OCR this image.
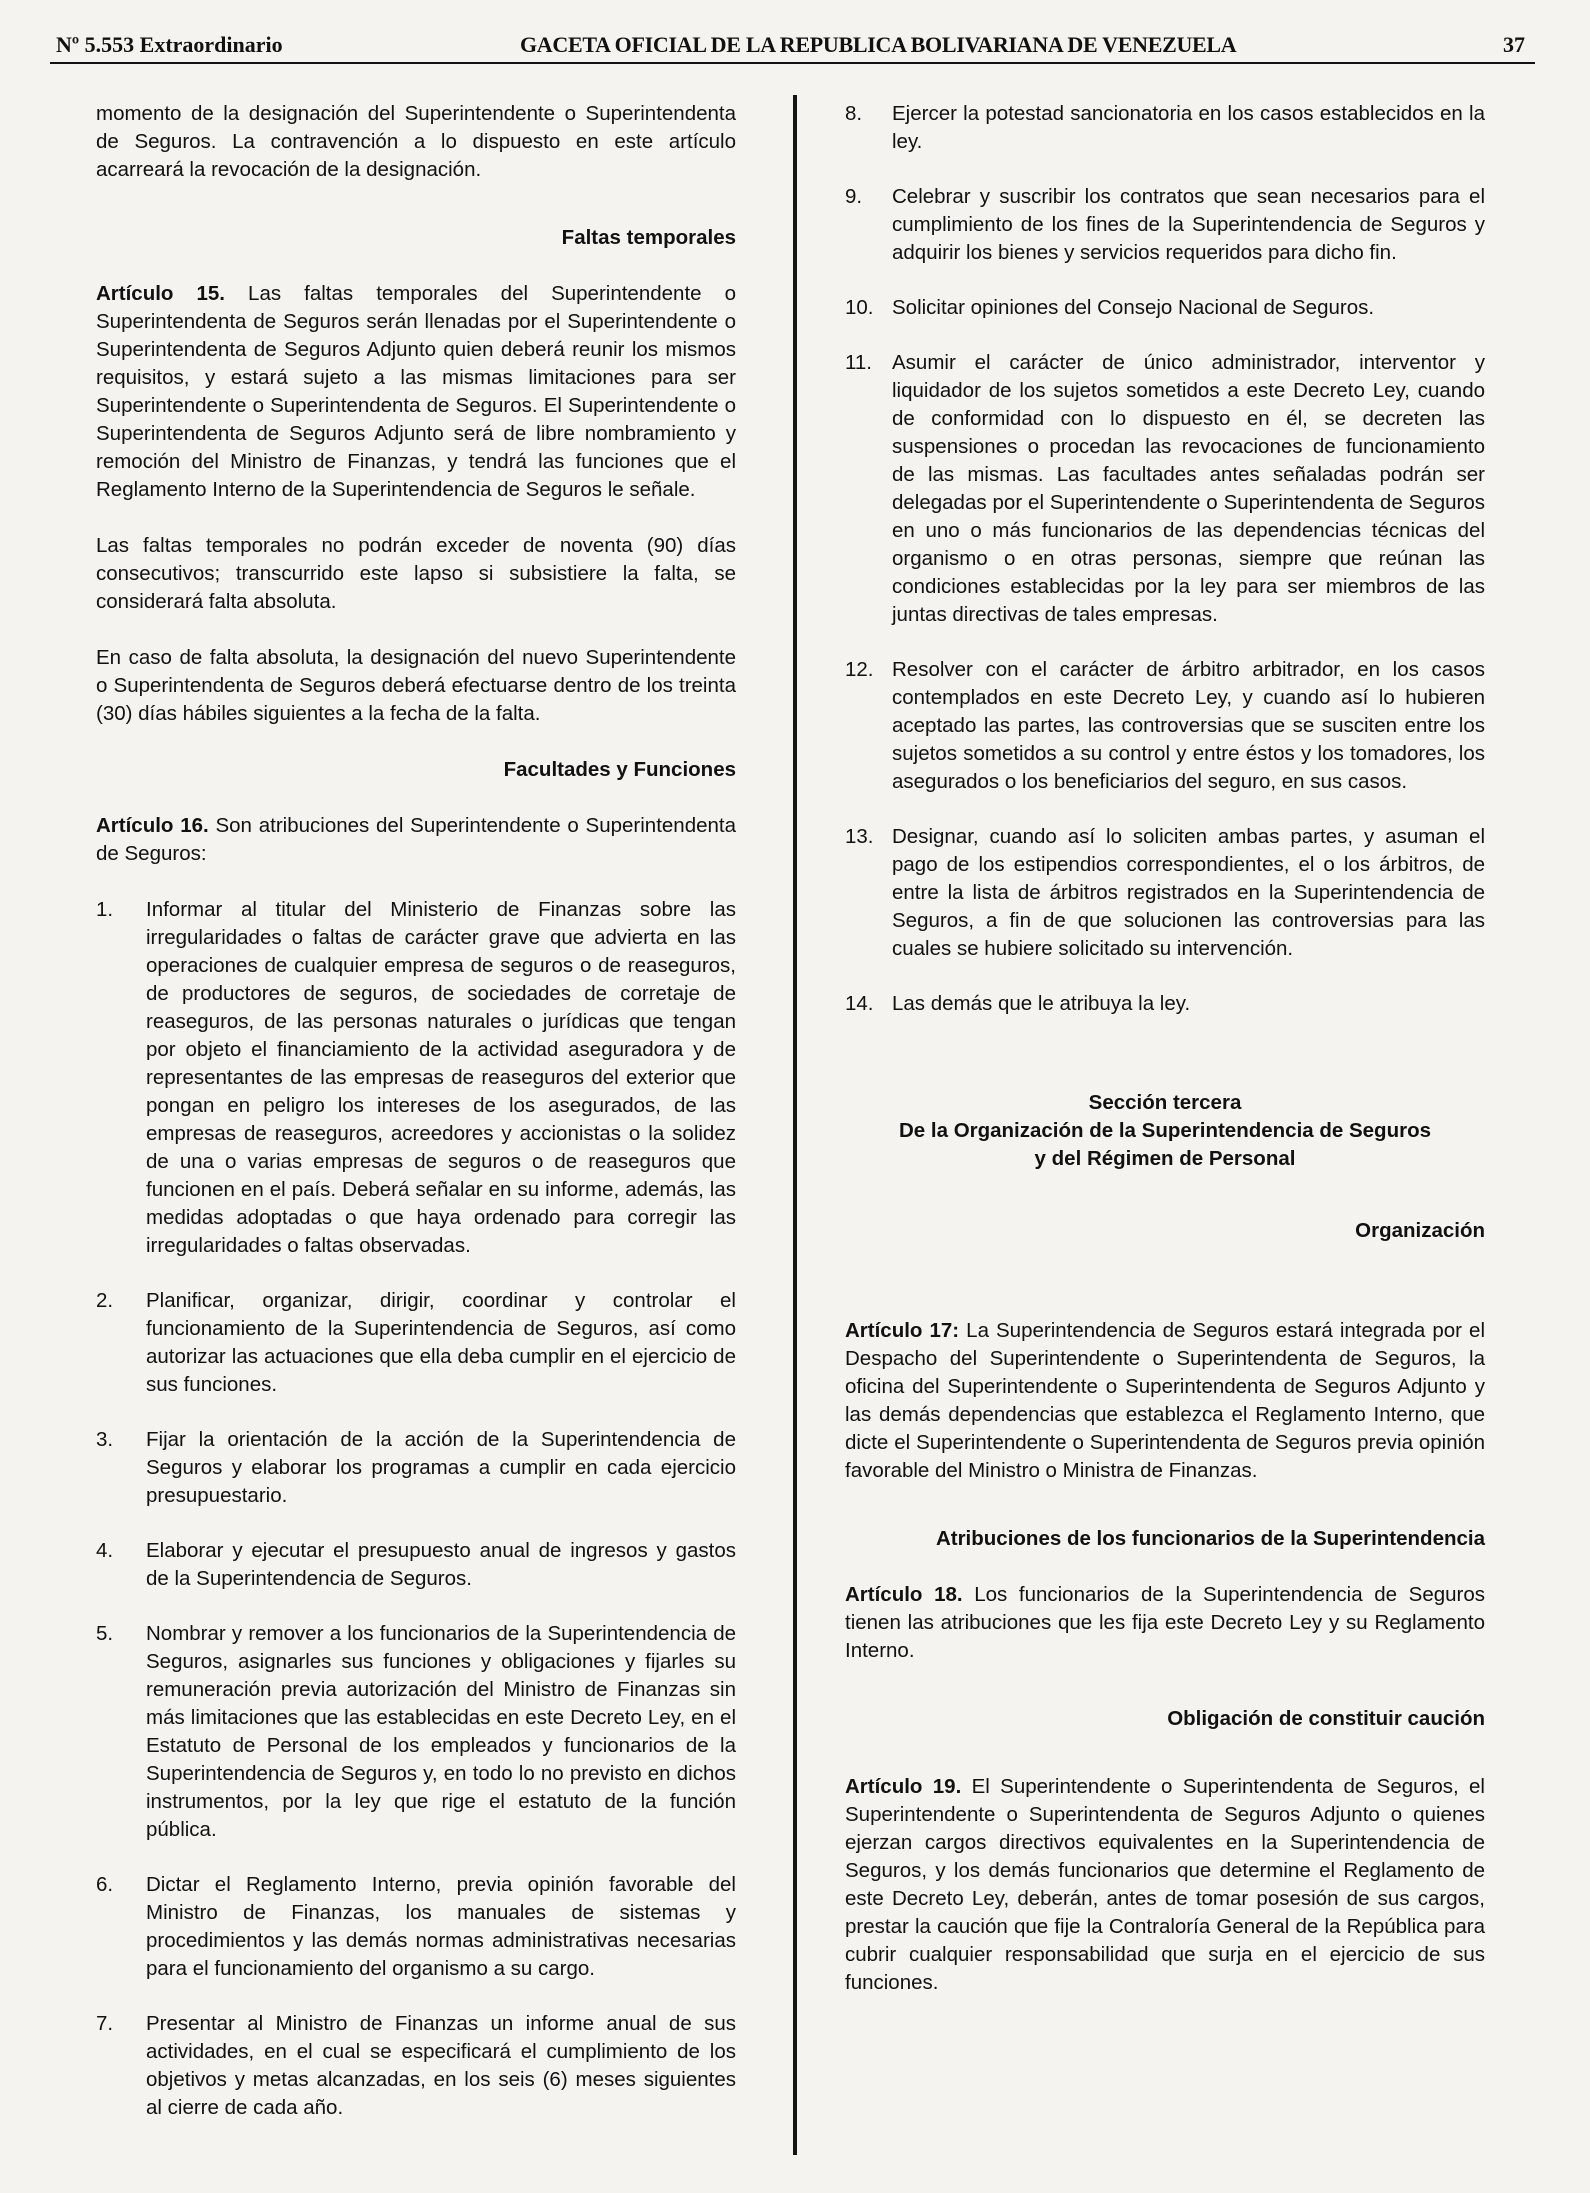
Nº 5.553 Extraordinario	GACETA OFICIAL DE LA REPUBLICA BOLIVARIANA DE VENEZUELA	37

momento de la designación del Superintendente o Superintendenta de Seguros. La contravención a lo dispuesto en este artículo acarreará la revocación de la designación.

Faltas temporales

Artículo 15. Las faltas temporales del Superintendente o Superintendenta de Seguros serán llenadas por el Superintendente o Superintendenta de Seguros Adjunto quien deberá reunir los mismos requisitos, y estará sujeto a las mismas limitaciones para ser Superintendente o Superintendenta de Seguros. El Superintendente o Superintendenta de Seguros Adjunto será de libre nombramiento y remoción del Ministro de Finanzas, y tendrá las funciones que el Reglamento Interno de la Superintendencia de Seguros le señale.

Las faltas temporales no podrán exceder de noventa (90) días consecutivos; transcurrido este lapso si subsistiere la falta, se considerará falta absoluta.

En caso de falta absoluta, la designación del nuevo Superintendente o Superintendenta de Seguros deberá efectuarse dentro de los treinta (30) días hábiles siguientes a la fecha de la falta.

Facultades y Funciones

Artículo 16. Son atribuciones del Superintendente o Superintendenta de Seguros:

1. Informar al titular del Ministerio de Finanzas sobre las irregularidades o faltas de carácter grave que advierta en las operaciones de cualquier empresa de seguros o de reaseguros, de productores de seguros, de sociedades de corretaje de reaseguros, de las personas naturales o jurídicas que tengan por objeto el financiamiento de la actividad aseguradora y de representantes de las empresas de reaseguros del exterior que pongan en peligro los intereses de los asegurados, de las empresas de reaseguros, acreedores y accionistas o la solidez de una o varias empresas de seguros o de reaseguros que funcionen en el país. Deberá señalar en su informe, además, las medidas adoptadas o que haya ordenado para corregir las irregularidades o faltas observadas.
2. Planificar, organizar, dirigir, coordinar y controlar el funcionamiento de la Superintendencia de Seguros, así como autorizar las actuaciones que ella deba cumplir en el ejercicio de sus funciones.
3. Fijar la orientación de la acción de la Superintendencia de Seguros y elaborar los programas a cumplir en cada ejercicio presupuestario.
4. Elaborar y ejecutar el presupuesto anual de ingresos y gastos de la Superintendencia de Seguros.
5. Nombrar y remover a los funcionarios de la Superintendencia de Seguros, asignarles sus funciones y obligaciones y fijarles su remuneración previa autorización del Ministro de Finanzas sin más limitaciones que las establecidas en este Decreto Ley, en el Estatuto de Personal de los empleados y funcionarios de la Superintendencia de Seguros y, en todo lo no previsto en dichos instrumentos, por la ley que rige el estatuto de la función pública.
6. Dictar el Reglamento Interno, previa opinión favorable del Ministro de Finanzas, los manuales de sistemas y procedimientos y las demás normas administrativas necesarias para el funcionamiento del organismo a su cargo.
7. Presentar al Ministro de Finanzas un informe anual de sus actividades, en el cual se especificará el cumplimiento de los objetivos y metas alcanzadas, en los seis (6) meses siguientes al cierre de cada año.
8. Ejercer la potestad sancionatoria en los casos establecidos en la ley.
9. Celebrar y suscribir los contratos que sean necesarios para el cumplimiento de los fines de la Superintendencia de Seguros y adquirir los bienes y servicios requeridos para dicho fin.
10. Solicitar opiniones del Consejo Nacional de Seguros.
11. Asumir el carácter de único administrador, interventor y liquidador de los sujetos sometidos a este Decreto Ley, cuando de conformidad con lo dispuesto en él, se decreten las suspensiones o procedan las revocaciones de funcionamiento de las mismas. Las facultades antes señaladas podrán ser delegadas por el Superintendente o Superintendenta de Seguros en uno o más funcionarios de las dependencias técnicas del organismo o en otras personas, siempre que reúnan las condiciones establecidas por la ley para ser miembros de las juntas directivas de tales empresas.
12. Resolver con el carácter de árbitro arbitrador, en los casos contemplados en este Decreto Ley, y cuando así lo hubieren aceptado las partes, las controversias que se susciten entre los sujetos sometidos a su control y entre éstos y los tomadores, los asegurados o los beneficiarios del seguro, en sus casos.
13. Designar, cuando así lo soliciten ambas partes, y asuman el pago de los estipendios correspondientes, el o los árbitros, de entre la lista de árbitros registrados en la Superintendencia de Seguros, a fin de que solucionen las controversias para las cuales se hubiere solicitado su intervención.
14. Las demás que le atribuya la ley.

Sección tercera

De la Organización de la Superintendencia de Seguros

y del Régimen de Personal

Organización

Artículo 17: La Superintendencia de Seguros estará integrada por el Despacho del Superintendente o Superintendenta de Seguros, la oficina del Superintendente o Superintendenta de Seguros Adjunto y las demás dependencias que establezca el Reglamento Interno, que dicte el Superintendente o Superintendenta de Seguros previa opinión favorable del Ministro o Ministra de Finanzas.

Atribuciones de los funcionarios de la Superintendencia

Artículo 18. Los funcionarios de la Superintendencia de Seguros tienen las atribuciones que les fija este Decreto Ley y su Reglamento Interno.

Obligación de constituir caución

Artículo 19. El Superintendente o Superintendenta de Seguros, el Superintendente o Superintendenta de Seguros Adjunto o quienes ejerzan cargos directivos equivalentes en la Superintendencia de Seguros, y los demás funcionarios que determine el Reglamento de este Decreto Ley, deberán, antes de tomar posesión de sus cargos, prestar la caución que fije la Contraloría General de la República para cubrir cualquier responsabilidad que surja en el ejercicio de sus funciones.
